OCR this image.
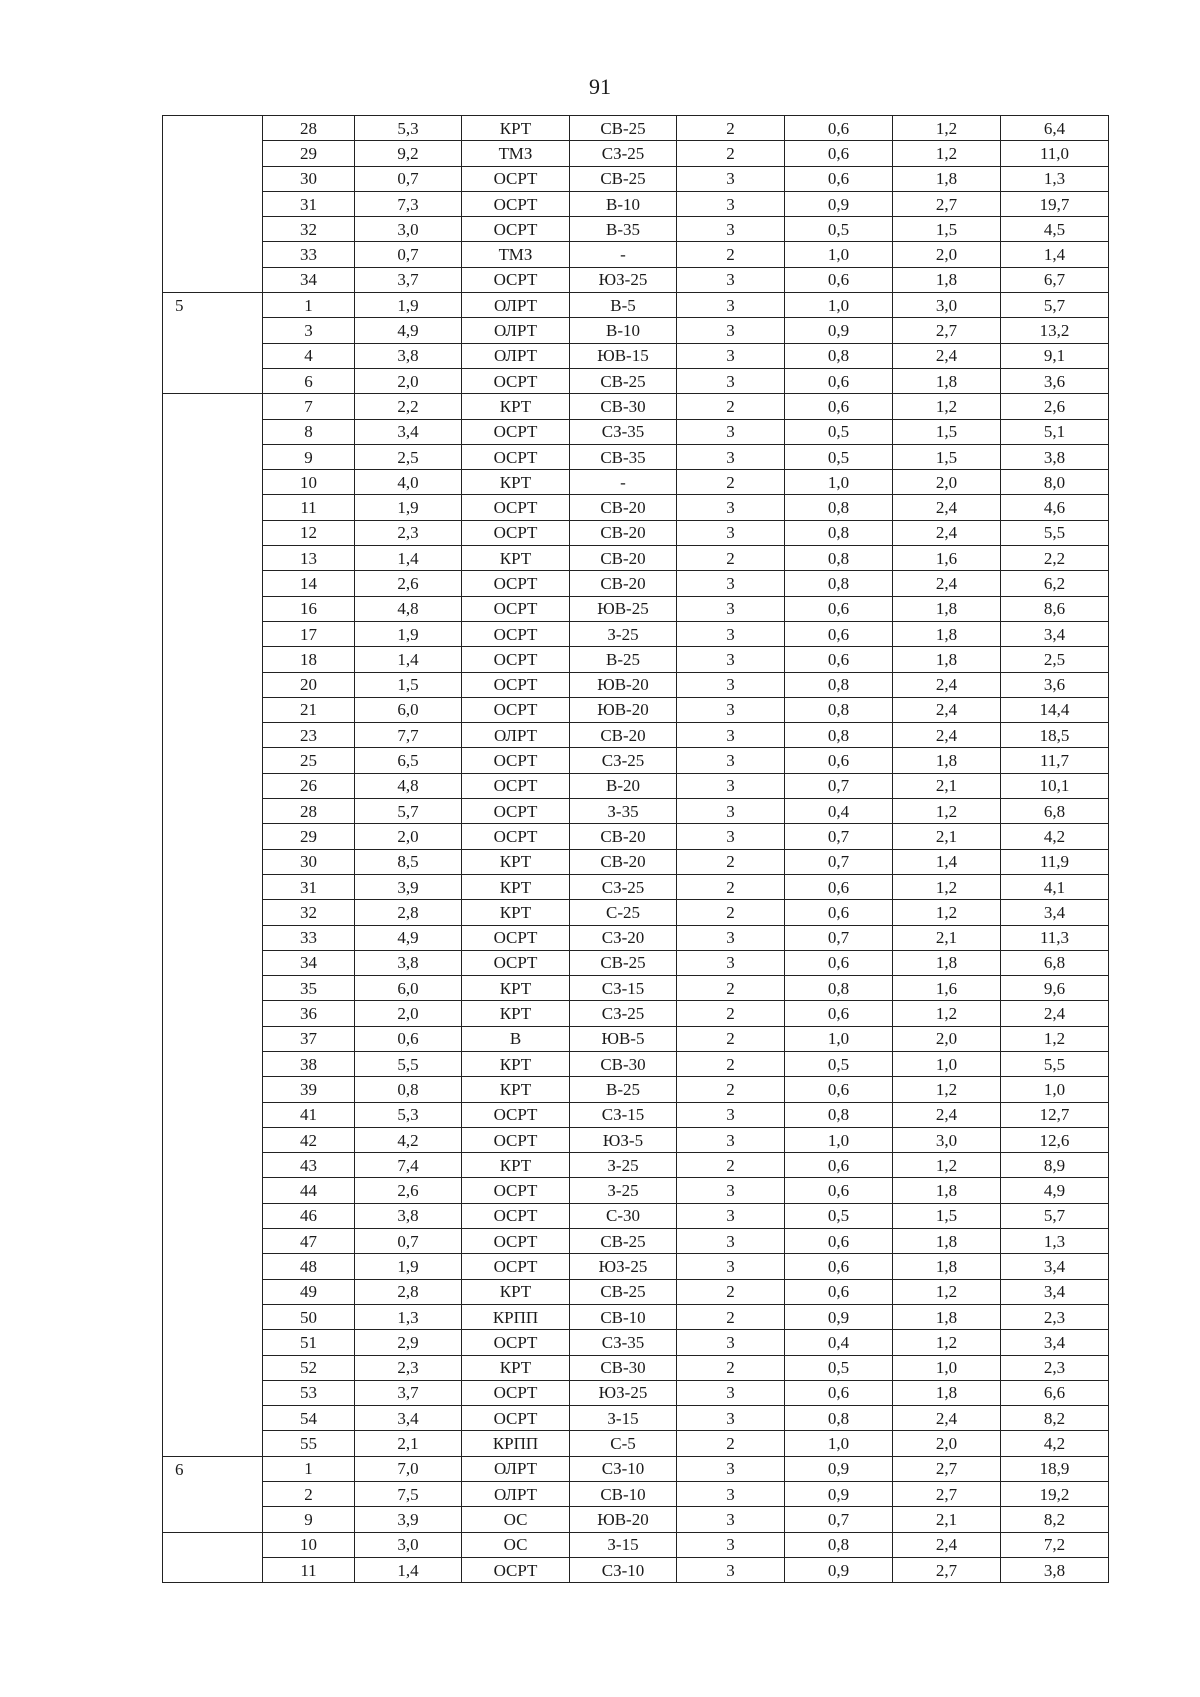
91
	28	5,3	КРТ	СВ-25	2	0,6	1,2	6,4
	29	9,2	ТМЗ	СЗ-25	2	0,6	1,2	11,0
	30	0,7	ОСРТ	СВ-25	3	0,6	1,8	1,3
	31	7,3	ОСРТ	В-10	3	0,9	2,7	19,7
	32	3,0	ОСРТ	В-35	3	0,5	1,5	4,5
	33	0,7	ТМЗ	-	2	1,0	2,0	1,4
	34	3,7	ОСРТ	ЮЗ-25	3	0,6	1,8	6,7
5	1	1,9	ОЛРТ	В-5	3	1,0	3,0	5,7
	3	4,9	ОЛРТ	В-10	3	0,9	2,7	13,2
	4	3,8	ОЛРТ	ЮВ-15	3	0,8	2,4	9,1
	6	2,0	ОСРТ	СВ-25	3	0,6	1,8	3,6
	7	2,2	КРТ	СВ-30	2	0,6	1,2	2,6
	8	3,4	ОСРТ	СЗ-35	3	0,5	1,5	5,1
	9	2,5	ОСРТ	СВ-35	3	0,5	1,5	3,8
	10	4,0	КРТ	-	2	1,0	2,0	8,0
	11	1,9	ОСРТ	СВ-20	3	0,8	2,4	4,6
	12	2,3	ОСРТ	СВ-20	3	0,8	2,4	5,5
	13	1,4	КРТ	СВ-20	2	0,8	1,6	2,2
	14	2,6	ОСРТ	СВ-20	3	0,8	2,4	6,2
	16	4,8	ОСРТ	ЮВ-25	3	0,6	1,8	8,6
	17	1,9	ОСРТ	З-25	3	0,6	1,8	3,4
	18	1,4	ОСРТ	В-25	3	0,6	1,8	2,5
	20	1,5	ОСРТ	ЮВ-20	3	0,8	2,4	3,6
	21	6,0	ОСРТ	ЮВ-20	3	0,8	2,4	14,4
	23	7,7	ОЛРТ	СВ-20	3	0,8	2,4	18,5
	25	6,5	ОСРТ	СЗ-25	3	0,6	1,8	11,7
	26	4,8	ОСРТ	В-20	3	0,7	2,1	10,1
	28	5,7	ОСРТ	З-35	3	0,4	1,2	6,8
	29	2,0	ОСРТ	СВ-20	3	0,7	2,1	4,2
	30	8,5	КРТ	СВ-20	2	0,7	1,4	11,9
	31	3,9	КРТ	СЗ-25	2	0,6	1,2	4,1
	32	2,8	КРТ	С-25	2	0,6	1,2	3,4
	33	4,9	ОСРТ	СЗ-20	3	0,7	2,1	11,3
	34	3,8	ОСРТ	СВ-25	3	0,6	1,8	6,8
	35	6,0	КРТ	СЗ-15	2	0,8	1,6	9,6
	36	2,0	КРТ	СЗ-25	2	0,6	1,2	2,4
	37	0,6	В	ЮВ-5	2	1,0	2,0	1,2
	38	5,5	КРТ	СВ-30	2	0,5	1,0	5,5
	39	0,8	КРТ	В-25	2	0,6	1,2	1,0
	41	5,3	ОСРТ	СЗ-15	3	0,8	2,4	12,7
	42	4,2	ОСРТ	ЮЗ-5	3	1,0	3,0	12,6
	43	7,4	КРТ	З-25	2	0,6	1,2	8,9
	44	2,6	ОСРТ	З-25	3	0,6	1,8	4,9
	46	3,8	ОСРТ	С-30	3	0,5	1,5	5,7
	47	0,7	ОСРТ	СВ-25	3	0,6	1,8	1,3
	48	1,9	ОСРТ	ЮЗ-25	3	0,6	1,8	3,4
	49	2,8	КРТ	СВ-25	2	0,6	1,2	3,4
	50	1,3	КРПП	СВ-10	2	0,9	1,8	2,3
	51	2,9	ОСРТ	СЗ-35	3	0,4	1,2	3,4
	52	2,3	КРТ	СВ-30	2	0,5	1,0	2,3
	53	3,7	ОСРТ	ЮЗ-25	3	0,6	1,8	6,6
	54	3,4	ОСРТ	З-15	3	0,8	2,4	8,2
	55	2,1	КРПП	С-5	2	1,0	2,0	4,2
6	1	7,0	ОЛРТ	СЗ-10	3	0,9	2,7	18,9
	2	7,5	ОЛРТ	СВ-10	3	0,9	2,7	19,2
	9	3,9	ОС	ЮВ-20	3	0,7	2,1	8,2
	10	3,0	ОС	З-15	3	0,8	2,4	7,2
	11	1,4	ОСРТ	СЗ-10	3	0,9	2,7	3,8
